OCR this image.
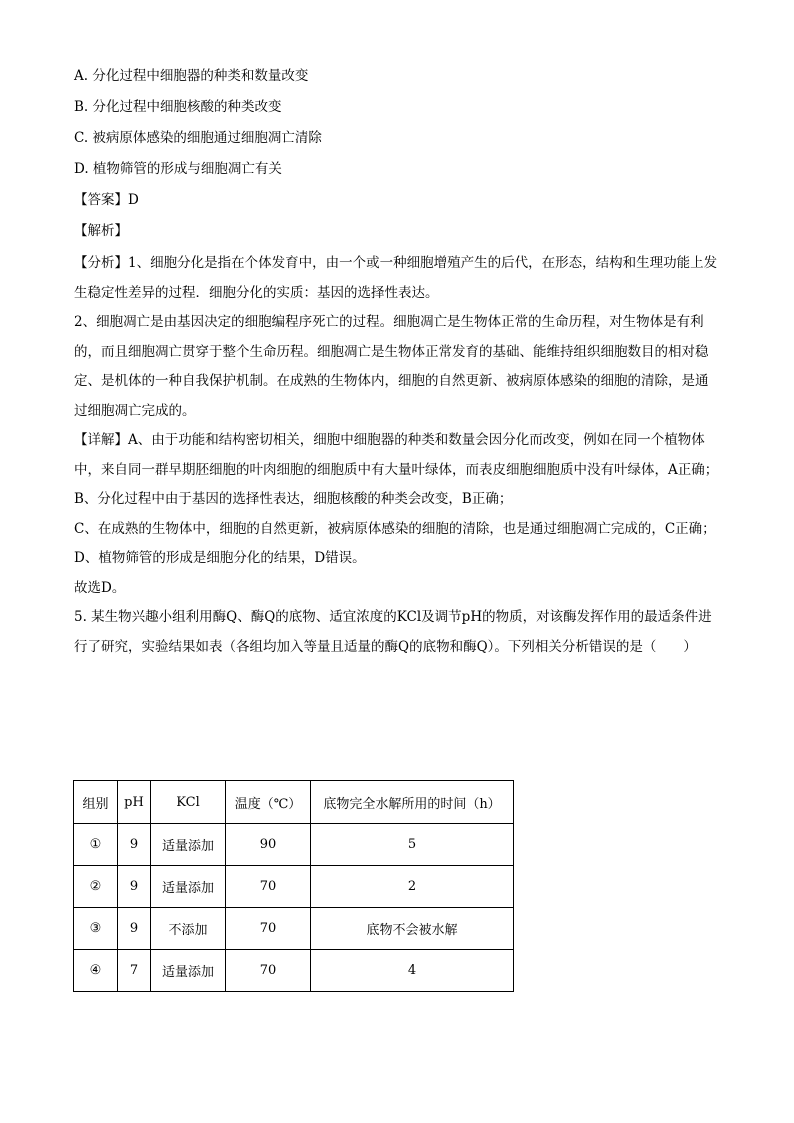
A. 分化过程中细胞器的种类和数量改变
B. 分化过程中细胞核酸的种类改变
C. 被病原体感染的细胞通过细胞凋亡清除
D. 植物筛管的形成与细胞凋亡有关
【答案】D
【解析】

【分析】1、细胞分化是指在个体发育中，由一个或一种细胞增殖产生的后代，在形态，结构和生理功能上发生稳定性差异的过程．细胞分化的实质：基因的选择性表达。

2、细胞凋亡是由基因决定的细胞编程序死亡的过程。细胞凋亡是生物体正常的生命历程，对生物体是有利的，而且细胞凋亡贯穿于整个生命历程。细胞凋亡是生物体正常发育的基础、能维持组织细胞数目的相对稳定、是机体的一种自我保护机制。在成熟的生物体内，细胞的自然更新、被病原体感染的细胞的清除，是通过细胞凋亡完成的。

【详解】A、由于功能和结构密切相关，细胞中细胞器的种类和数量会因分化而改变，例如在同一个植物体中，来自同一群早期胚细胞的叶肉细胞的细胞质中有大量叶绿体，而表皮细胞细胞质中没有叶绿体，A正确；

B、分化过程中由于基因的选择性表达，细胞核酸的种类会改变，B正确；

C、在成熟的生物体中，细胞的自然更新，被病原体感染的细胞的清除，也是通过细胞凋亡完成的，C正确；

D、植物筛管的形成是细胞分化的结果，D错误。

故选D。

5. 某生物兴趣小组利用酶Q、酶Q的底物、适宜浓度的KCl及调节pH的物质，对该酶发挥作用的最适条件进行了研究，实验结果如表（各组均加入等量且适量的酶Q的底物和酶Q）。下列相关分析错误的是（　　）

组别	pH	KCl	温度（℃）	底物完全水解所用的时间（h）
①	9	适量添加	90	5
②	9	适量添加	70	2
③	9	不添加	70	底物不会被水解
④	7	适量添加	70	4
